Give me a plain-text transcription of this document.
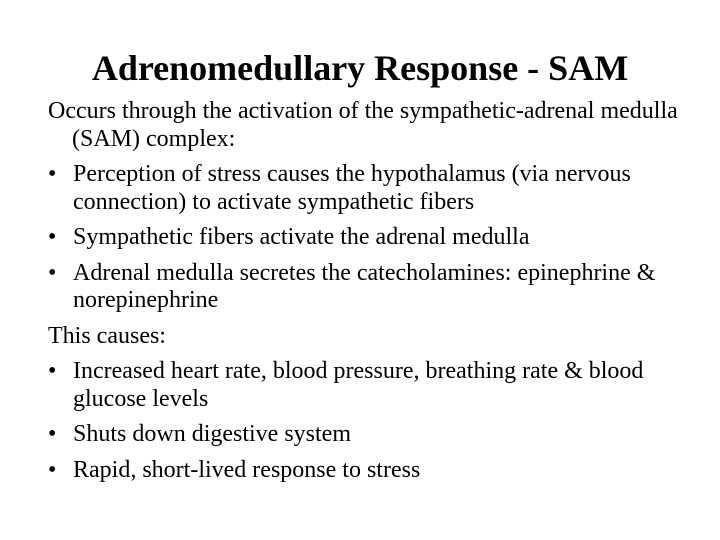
Adrenomedullary Response - SAM

Occurs through the activation of the sympathetic-adrenal medulla (SAM) complex:

• Perception of stress causes the hypothalamus (via nervous connection) to activate sympathetic fibers
• Sympathetic fibers activate the adrenal medulla
• Adrenal medulla secretes the catecholamines: epinephrine & norepinephrine

This causes:

• Increased heart rate, blood pressure, breathing rate & blood glucose levels
• Shuts down digestive system
• Rapid, short-lived response to stress
